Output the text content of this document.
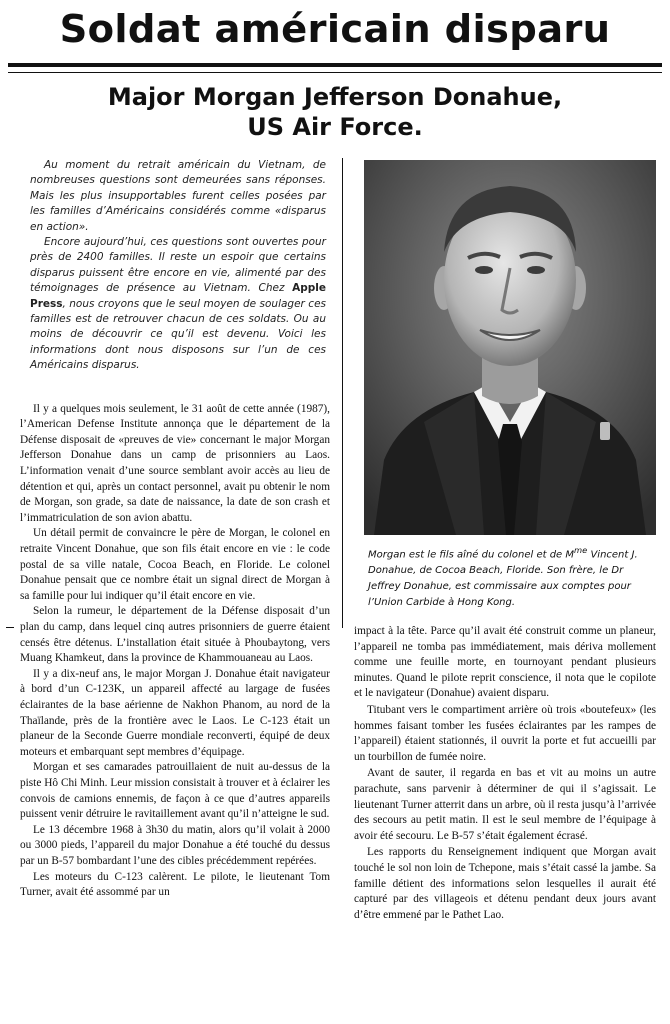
Soldat américain disparu
Major Morgan Jefferson Donahue,
US Air Force.

Au moment du retrait américain du Vietnam, de nombreuses questions sont demeurées sans réponses. Mais les plus insupportables furent celles posées par les familles d’Américains considérés comme «disparus en action».

Encore aujourd’hui, ces questions sont ouvertes pour près de 2400 familles. Il reste un espoir que certains disparus puissent être encore en vie, alimenté par des témoignages de présence au Vietnam. Chez Apple Press, nous croyons que le seul moyen de soulager ces familles est de retrouver chacun de ces soldats. Ou au moins de découvrir ce qu’il est devenu. Voici les informations dont nous disposons sur l’un de ces Américains disparus.

Il y a quelques mois seulement, le 31 août de cette année (1987), l’American Defense Institute annonça que le département de la Défense disposait de «preuves de vie» concernant le major Morgan Jefferson Donahue dans un camp de prisonniers au Laos. L’information venait d’une source semblant avoir accès au lieu de détention et qui, après un contact personnel, avait pu obtenir le nom de Morgan, son grade, sa date de naissance, la date de son crash et l’immatriculation de son avion abattu.

Un détail permit de convaincre le père de Morgan, le colonel en retraite Vincent Donahue, que son fils était encore en vie : le code postal de sa ville natale, Cocoa Beach, en Floride. Le colonel Donahue pensait que ce nombre était un signal direct de Morgan à sa famille pour lui indiquer qu’il était encore en vie.

Selon la rumeur, le département de la Défense disposait d’un plan du camp, dans lequel cinq autres prisonniers de guerre étaient censés être détenus. L’installation était située à Phoubaytong, vers Muang Khamkeut, dans la province de Khammouaneau au Laos.

Il y a dix-neuf ans, le major Morgan J. Donahue était navigateur à bord d’un C-123K, un appareil affecté au largage de fusées éclairantes de la base aérienne de Nakhon Phanom, au nord de la Thaïlande, près de la frontière avec le Laos. Le C-123 était un planeur de la Seconde Guerre mondiale reconverti, équipé de deux moteurs et embarquant sept membres d’équipage.

Morgan et ses camarades patrouillaient de nuit au-dessus de la piste Hô Chi Minh. Leur mission consistait à trouver et à éclairer les convois de camions ennemis, de façon à ce que d’autres appareils puissent venir détruire le ravitaillement avant qu’il n’atteigne le sud.

Le 13 décembre 1968 à 3h30 du matin, alors qu’il volait à 2000 ou 3000 pieds, l’appareil du major Donahue a été touché du dessus par un B-57 bombardant l’une des cibles précédemment repérées.

Les moteurs du C-123 calèrent. Le pilote, le lieutenant Tom Turner, avait été assommé par un

Morgan est le fils aîné du colonel et de $M^{me}$ Vincent J. Donahue, de Cocoa Beach, Floride. Son frère, le Dr Jeffrey Donahue, est commissaire aux comptes pour l’Union Carbide à Hong Kong.

impact à la tête. Parce qu’il avait été construit comme un planeur, l’appareil ne tomba pas immédiatement, mais dériva mollement comme une feuille morte, en tournoyant pendant plusieurs minutes. Quand le pilote reprit conscience, il nota que le copilote et le navigateur (Donahue) avaient disparu.

Titubant vers le compartiment arrière où trois «boutefeux» (les hommes faisant tomber les fusées éclairantes par les rampes de l’appareil) étaient stationnés, il ouvrit la porte et fut accueilli par un tourbillon de fumée noire.

Avant de sauter, il regarda en bas et vit au moins un autre parachute, sans parvenir à déterminer de qui il s’agissait. Le lieutenant Turner atterrit dans un arbre, où il resta jusqu’à l’arrivée des secours au petit matin. Il est le seul membre de l’équipage à avoir été secouru. Le B-57 s’était également écrasé.

Les rapports du Renseignement indiquent que Morgan avait touché le sol non loin de Tchepone, mais s’était cassé la jambe. Sa famille détient des informations selon lesquelles il aurait été capturé par des villageois et détenu pendant deux jours avant d’être emmené par le Pathet Lao.
